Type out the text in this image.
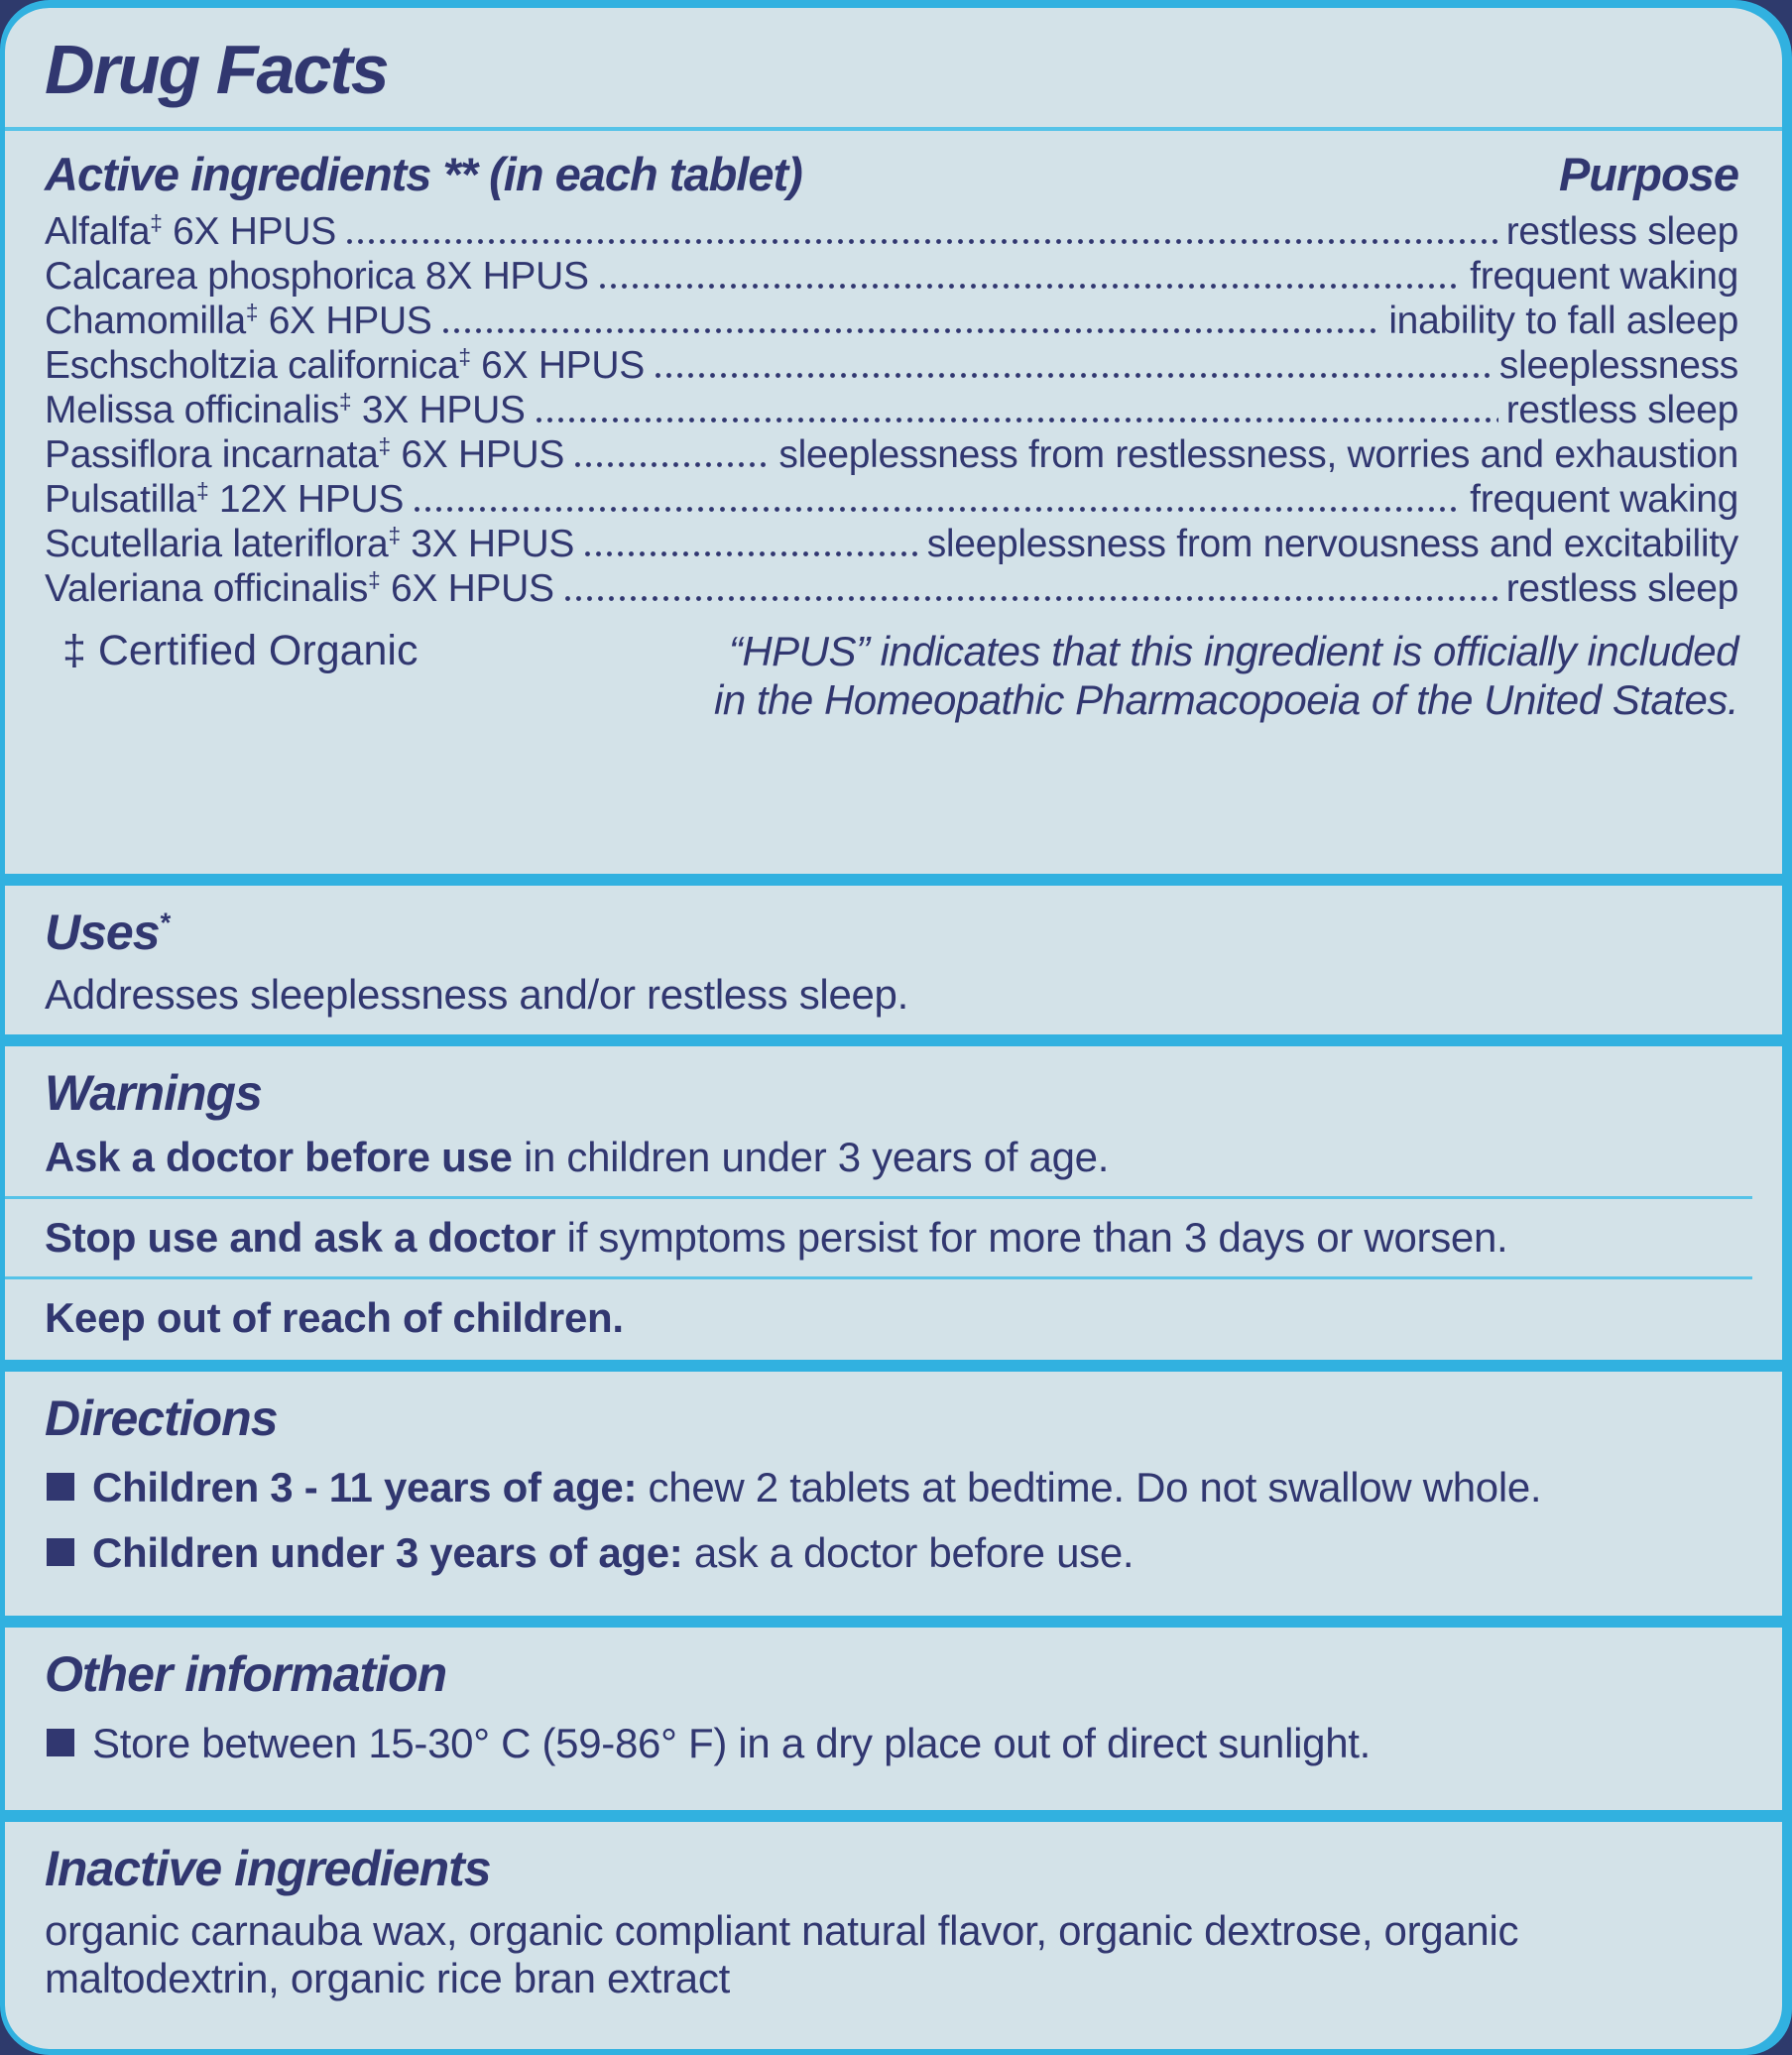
Drug Facts
Active ingredients ** (in each tablet)	Purpose
Alfalfa‡ 6X HPUS	restless sleep
Calcarea phosphorica 8X HPUS	frequent waking
Chamomilla‡ 6X HPUS	inability to fall asleep
Eschscholtzia californica‡ 6X HPUS	sleeplessness
Melissa officinalis‡ 3X HPUS	restless sleep
Passiflora incarnata‡ 6X HPUS	sleeplessness from restlessness, worries and exhaustion
Pulsatilla‡ 12X HPUS	frequent waking
Scutellaria lateriflora‡ 3X HPUS	sleeplessness from nervousness and excitability
Valeriana officinalis‡ 6X HPUS	restless sleep
‡ Certified Organic	“HPUS” indicates that this ingredient is officially included
in the Homeopathic Pharmacopoeia of the United States.
Uses*

Addresses sleeplessness and/or restless sleep.

Warnings

Ask a doctor before use in children under 3 years of age.

Stop use and ask a doctor if symptoms persist for more than 3 days or worsen.

Keep out of reach of children.

Directions
Children 3 - 11 years of age: chew 2 tablets at bedtime. Do not swallow whole.
Children under 3 years of age: ask a doctor before use.
Other information
Store between 15-30° C (59-86° F) in a dry place out of direct sunlight.
Inactive ingredients

organic carnauba wax, organic compliant natural flavor, organic dextrose, organic maltodextrin, organic rice bran extract
